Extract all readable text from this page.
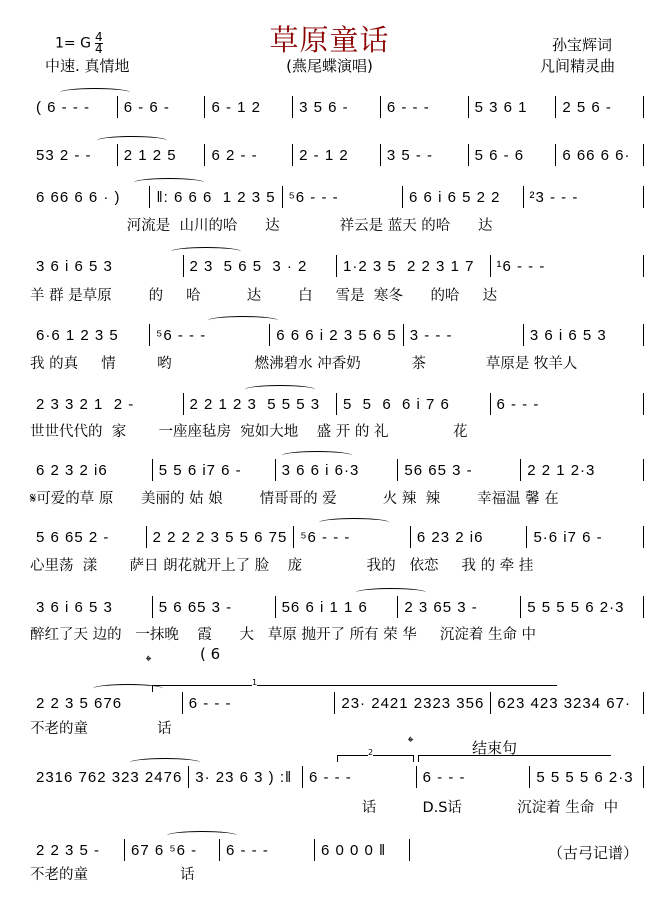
草原童话
1= G $\frac{4}{4}$
中速. 真情地	(燕尾蝶演唱)
孙宝辉词
凡间精灵曲
( 6 - - -	6 - 6 -	6 - 1 2	3 5 6 -	6 - - -	5 3 6 1	2 5 6 -
53 2 - -	2 1 2 5	6 2 - -	2 - 1 2	3 5 - -	5 6 - 6	6 66 6 6·
6 66 6 6 · )	‖: 6 6 6  1 2 3 5 ⁵6 - - -	6 6 i 6 5 2 2	²3 - - -
河流是  山川的哈      达             祥云是 蓝天 的哈      达
3 6 i 6 5 3	2 3  5 6 5  3 · 2	1·2 3 5  2 2 3 1 7	¹6 - - -
羊 群 是草原        的     哈          达        白     雪是  寒冬      的哈     达
6·6 1 2 3 5	⁵6 - - -	6 6 6 i 2 3 5 6 5 3 - - -	3 6 i 6 5 3
我 的真     情         哟                  燃沸碧水 冲香奶           茶             草原是 牧羊人
2 3 3 2 1  2 -	2 2 1 2 3  5 5 5 3	5  5  6  6 i 7 6	6 - - -
世世代代的  家       一座座毡房  宛如大地    盛 开 的 礼              花
6 2 3 2 i6	5 5 6 i7 6 -	3 6 6 i 6·3	56 65 3 -	2 2 1 2·3
𝄋可爱的草 原      美丽的 姑 娘        情哥哥的 爱          火 辣  辣        幸福温 馨 在
5 6 65 2 -	2 2 2 2 3 5 5 6 75 ⁵6 - - -	6 23 2 i6	5·6 i7 6 -
心里荡  漾       萨日 朗花就开上了 脸    庞              我的   依恋     我 的 牵 挂
3 6 i 6 5 3	5 6 65 3 -	56 6 i 1 1 6	2 3 65 3 -	5 5 5 5 6 2·3
醉红了天 边的   一抹晚    霞      大   草原 抛开了 所有 荣 华     沉淀着 生命 中
2 2 3 5 676	6 - - -	23· 2421 2323 356 623 423 3234 67·
不老的童               话
2316 762 323 2476 3· 23 6 3 ) :‖	6 - - -	6 - - -	5 5 5 5 6 2·3
话          D.S话            沉淀着 生命  中
2 2 3 5 -	67 6 ⁵6 -	6 - - -	6 0 0 0 ‖
不老的童                    话
𝄌	( 6
1
2
𝄌	结束句
（古弓记谱）
